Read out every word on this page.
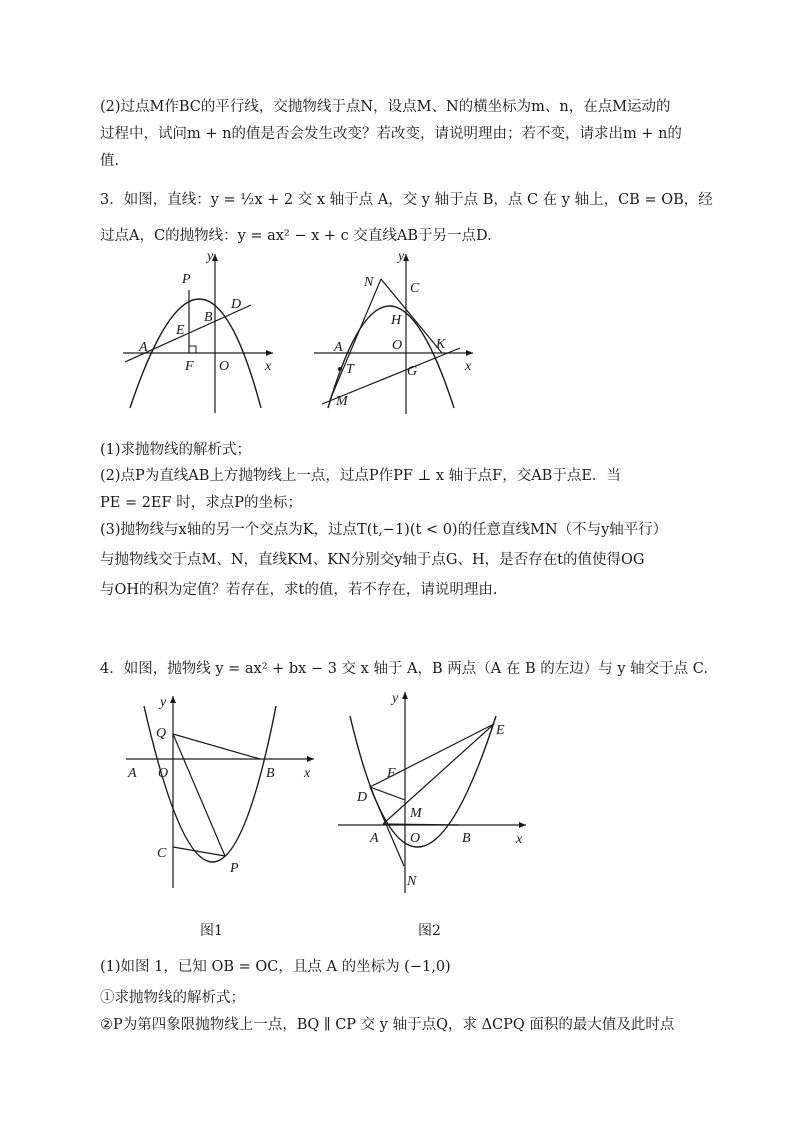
(2)过点M作BC的平行线，交抛物线于点N，设点M、N的横坐标为m、n，在点M运动的
过程中，试问m + n的值是否会发生改变？若改变，请说明理由；若不变，请求出m + n的
值.
3．如图，直线：y = ½x + 2 交 x 轴于点 A，交 y 轴于点 B，点 C 在 y 轴上，CB = OB，经
过点A，C的抛物线：y = ax² − x + c 交直线AB于另一点D.
y
x
P
D
B
E
A
F O
y
x
N	C
H
O K
A
T	G
M
(1)求抛物线的解析式；
(2)点P为直线AB上方抛物线上一点，过点P作PF ⊥ x 轴于点F，交AB于点E．当
PE = 2EF 时，求点P的坐标；
(3)抛物线与x轴的另一个交点为K，过点T(t,−1)(t < 0)的任意直线MN（不与y轴平行）
与抛物线交于点M、N，直线KM、KN分别交y轴于点G、H，是否存在t的值使得OG
与OH的积为定值？若存在，求t的值，若不存在，请说明理由.
4．如图，抛物线 y = ax² + bx − 3 交 x 轴于 A，B 两点（A 在 B 的左边）与 y 轴交于点 C.
y
Q
A O	B x
C
P
y
E
F
D
M
A O	B	x
N
图1	图2
(1)如图 1，已知 OB = OC，且点 A 的坐标为 (−1,0)
①求抛物线的解析式；
②P为第四象限抛物线上一点，BQ ∥ CP 交 y 轴于点Q，求 ΔCPQ 面积的最大值及此时点
